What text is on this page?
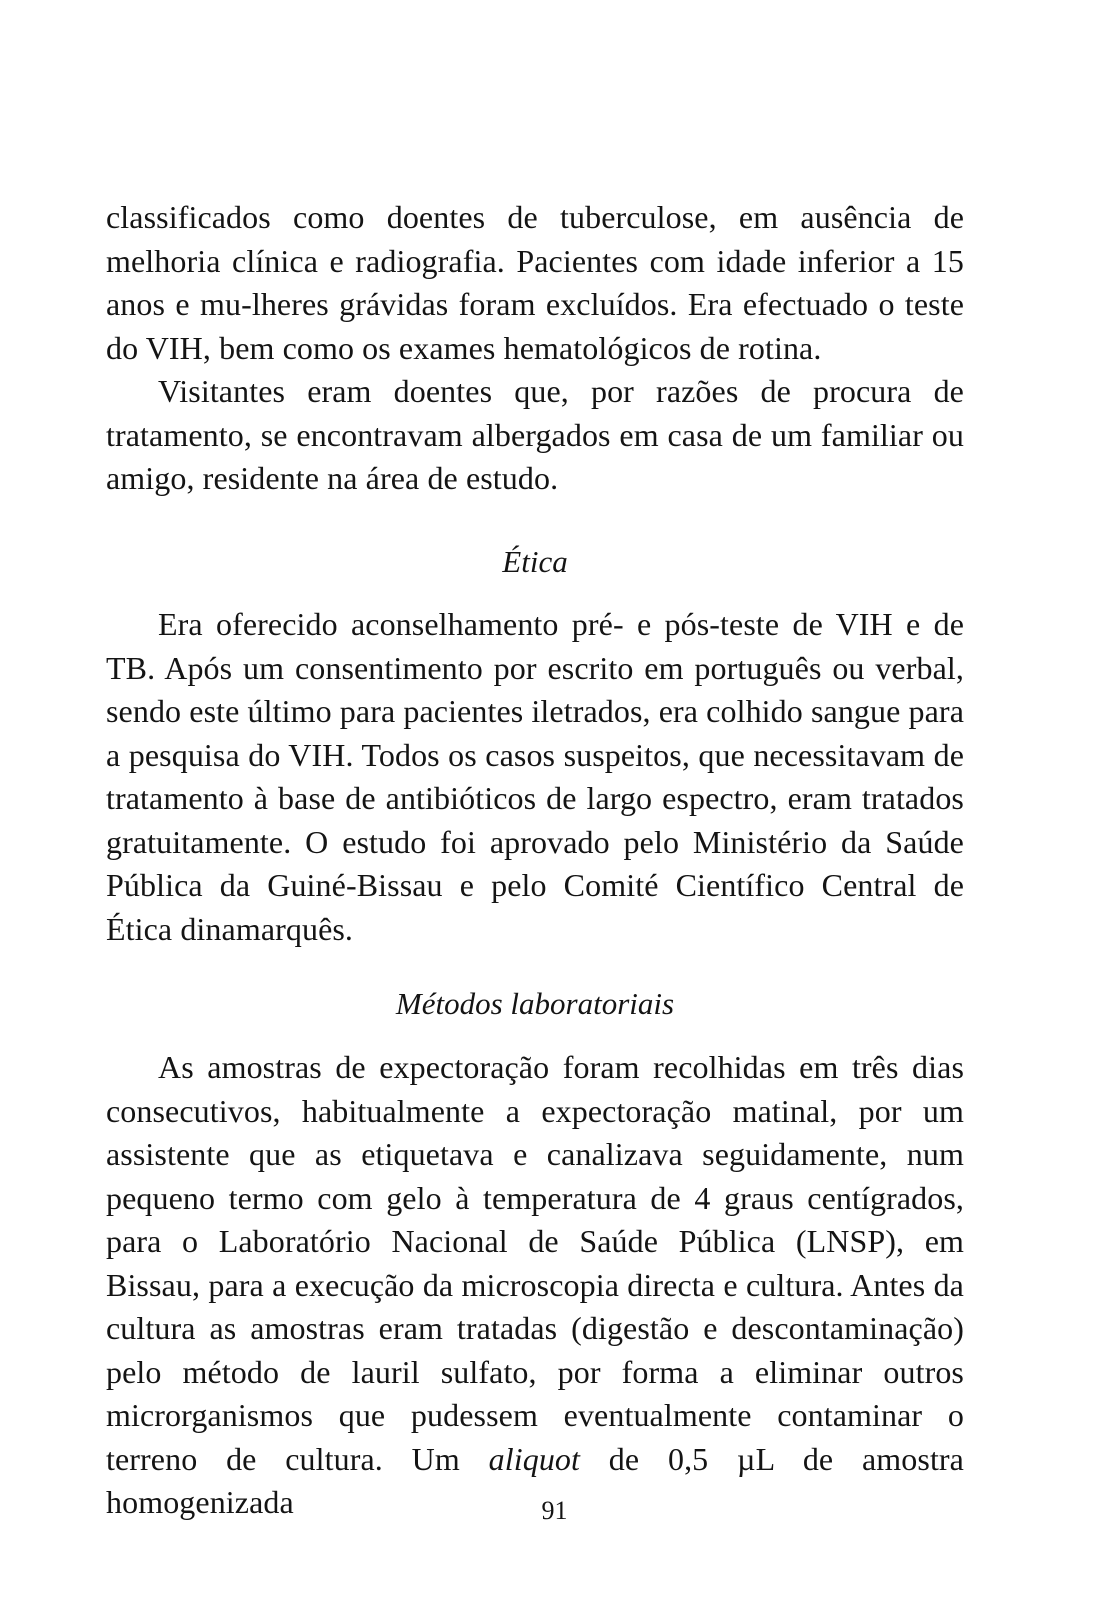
classificados como doentes de tuberculose, em ausência de melhoria clínica e radiografia. Pacientes com idade inferior a 15 anos e mu-lheres grávidas foram excluídos. Era efectuado o teste do VIH, bem como os exames hematológicos de rotina.

Visitantes eram doentes que, por razões de procura de tratamento, se encontravam albergados em casa de um familiar ou amigo, residente na área de estudo.

Ética

Era oferecido aconselhamento pré- e pós-teste de VIH e de TB. Após um consentimento por escrito em português ou verbal, sendo este último para pacientes iletrados, era colhido sangue para a pesquisa do VIH. Todos os casos suspeitos, que necessitavam de tratamento à base de antibióticos de largo espectro, eram tratados gratuitamente. O estudo foi aprovado pelo Ministério da Saúde Pública da Guiné-Bissau e pelo Comité Científico Central de Ética dinamarquês.

Métodos laboratoriais

As amostras de expectoração foram recolhidas em três dias consecutivos, habitualmente a expectoração matinal, por um assistente que as etiquetava e canalizava seguidamente, num pequeno termo com gelo à temperatura de 4 graus centígrados, para o Laboratório Nacional de Saúde Pública (LNSP), em Bissau, para a execução da microscopia directa e cultura. Antes da cultura as amostras eram tratadas (digestão e descontaminação) pelo método de lauril sulfato, por forma a eliminar outros microrganismos que pudessem eventualmente contaminar o terreno de cultura. Um aliquot de 0,5 µL de amostra homogenizada	91
